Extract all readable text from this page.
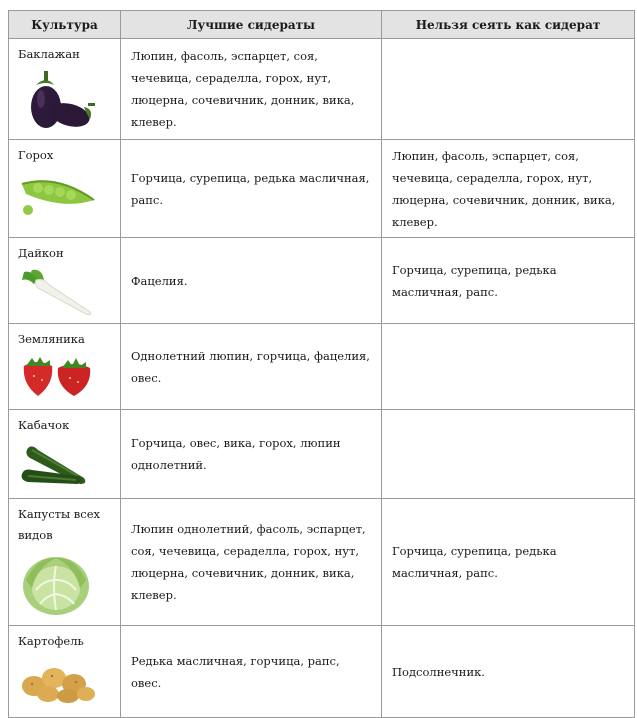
Культура	Лучшие сидераты	Нельзя сеять как сидерат

Баклажан	Люпин, фасоль, эспарцет, соя, чечевица, сераделла, горох, нут, люцерна, сочевичник, донник, вика, клевер.	

Горох	Горчица, сурепица, редька масличная, рапс.	Люпин, фасоль, эспарцет, соя, чечевица, сераделла, горох, нут, люцерна, сочевичник, донник, вика, клевер.

Дайкон	Фацелия.	Горчица, сурепица, редька масличная, рапс.

Земляника	Однолетний люпин, горчица, фацелия, овес.	

Кабачок	Горчица, овес, вика, горох, люпин однолетний.	

Капусты всех видов	Люпин однолетний, фасоль, эспарцет, соя, чечевица, сераделла, горох, нут, люцерна, сочевичник, донник, вика, клевер.	Горчица, сурепица, редька масличная, рапс.

Картофель	Редька масличная, горчица, рапс, овес.	Подсолнечник.
